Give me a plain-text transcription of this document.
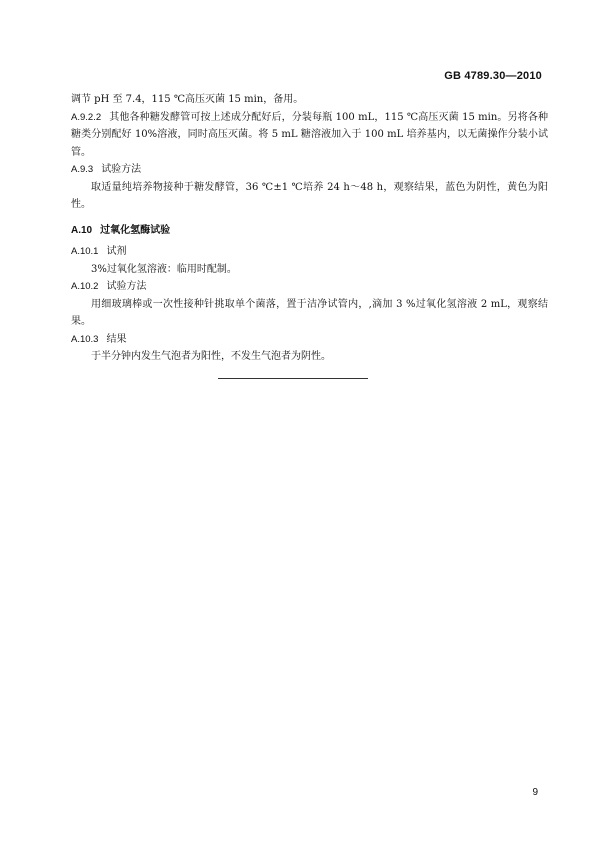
GB 4789.30—2010

调节 pH 至 7.4，115 ℃高压灭菌 15 min，备用。

A.9.2.2 其他各种糖发酵管可按上述成分配好后，分装每瓶 100 mL，115 ℃高压灭菌 15 min。另将各种糖类分别配好 10%溶液，同时高压灭菌。将 5 mL 糖溶液加入于 100 mL 培养基内，以无菌操作分装小试管。

A.9.3 试验方法

取适量纯培养物接种于糖发酵管，36 ℃±1 ℃培养 24 h～48 h，观察结果，蓝色为阴性，黄色为阳性。

A.10 过氧化氢酶试验

A.10.1 试剂

3%过氧化氢溶液：临用时配制。

A.10.2 试验方法

用细玻璃棒或一次性接种针挑取单个菌落，置于洁净试管内，,滴加 3 %过氧化氢溶液 2 mL，观察结果。

A.10.3 结果

于半分钟内发生气泡者为阳性，不发生气泡者为阴性。

9
